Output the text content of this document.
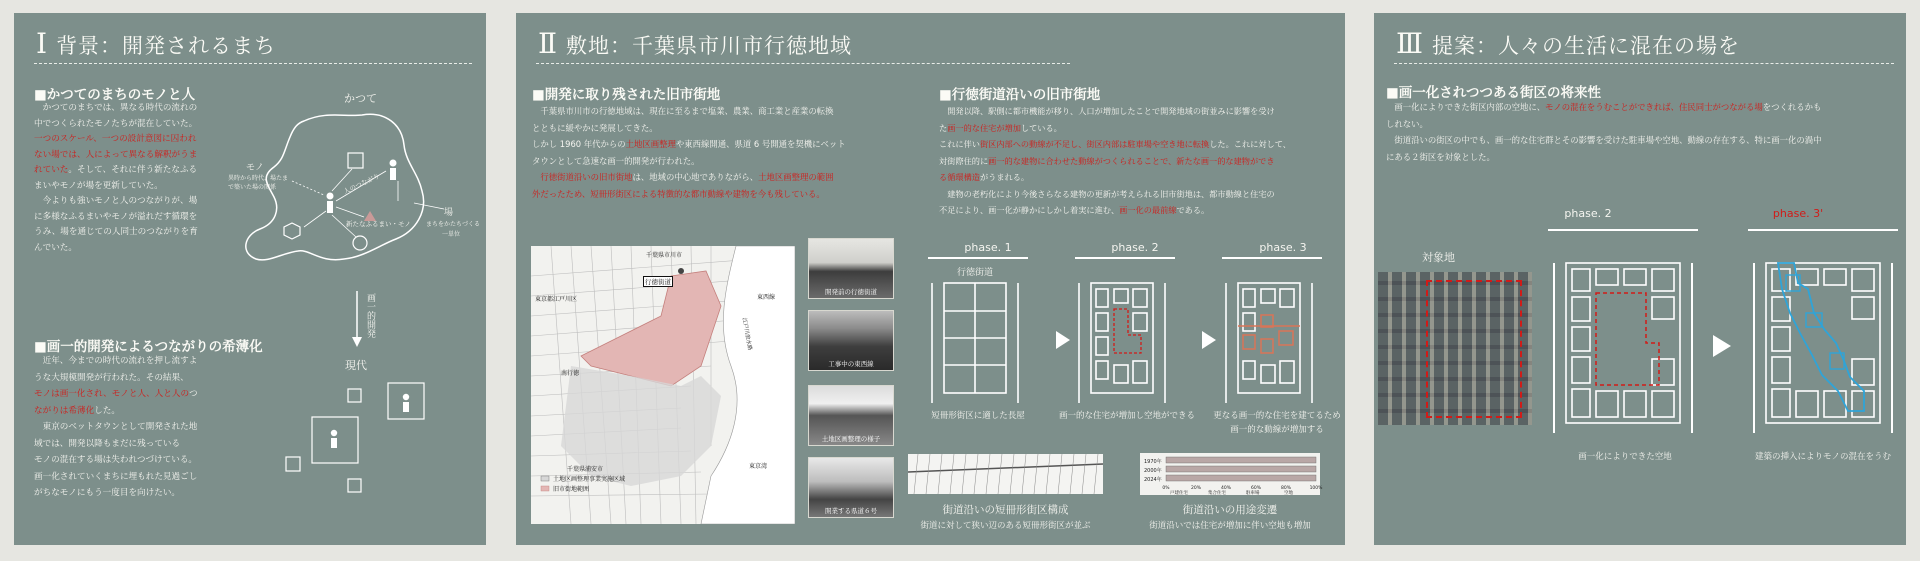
Ⅰ 背景：開発されるまち
■かつてのまちのモノと人
　かつてのまちでは、異なる時代の流れの
中でつくられたモノたちが混在していた。
一つのスケール、一つの設計意図に囚われ
ない場では、人によって異なる解釈がうま
れていた。そして、それに伴う新たなふる
まいやモノが場を更新していた。
　今よりも強いモノと人のつながりが、場
に多様なふるまいやモノが溢れだす循環を
うみ、場を通じての人同士のつながりを育
んでいた。
■画一的開発によるつながりの希薄化
　近年、今までの時代の流れを押し流すよ
うな大規模開発が行われた。その結果、
モノは画一化され、モノと人、人と人のつ
ながりは希薄化した。
　東京のベットタウンとして開発された地
域では、開発以降もまだに残っている
モノの混在する場は失われつづけている。
画一化されていくまちに埋もれた見過ごし
がちなモノにもう一度目を向けたい。
かつて
モノ
異時から時代、場たま
で築いた場の関係	人のつながり
新たなふるまい・モノ
場
まちをかたちづくる
一単位
画一的開発
現代
Ⅱ 敷地：千葉県市川市行徳地域
■開発に取り残された旧市街地
　千葉県市川市の行徳地域は、現在に至るまで塩業、農業、商工業と産業の転換
とともに緩やかに発展してきた。
しかし 1960 年代からの土地区画整理や東西線開通、県道 6 号開通を契機にベット
タウンとして急速な画一的開発が行われた。
　行徳街道沿いの旧市街地は、地域の中心地でありながら、土地区画整理の範囲
外だったため、短冊形街区による特徴的な都市動線や建物を今も残している。
■行徳街道沿いの旧市街地
　開発以降、駅側に都市機能が移り、人口が増加したことで開発地域の街並みに影響を受け
た画一的な住宅が増加している。
これに伴い街区内部への動線が不足し、街区内部は駐車場や空き地に転換した。これに対して、
対街際住的に画一的な建物に合わせた動線がつくられることで、新たな画一的な建物ができ
る循環構造がうまれる。
　建物の老朽化により今後さらなる建物の更新が考えられる旧市街地は、都市動線と住宅の
不足により、画一化が静かにしかし着実に進む、画一化の最前線である。
千葉県市川市
行徳街道
東京都江戸川区	東西線
江戸川放水路
南行徳
東京湾
千葉県浦安市
土地区画整理事業実施区域
旧市街地範囲
開発前の行徳街道
工事中の東西線
土地区画整理の様子
開業する県道６号
phase. 1	phase. 2	phase. 3
行徳街道
短冊形街区に適した長屋	画一的な住宅が増加し空地ができる	更なる画一的な住宅を建てるため
画一的な動線が増加する
街道沿いの短冊形街区構成
街道に対して狭い辺のある短冊形街区が並ぶ
1970年
2000年
2024年
0%	20%	40%	60%	80%	100%
戸建住宅	集合住宅	駐車場	空地
街道沿いの用途変遷
街道沿いでは住宅が増加に伴い空地も増加
Ⅲ 提案：人々の生活に混在の場を
■画一化されつつある街区の将来性
　画一化によりできた街区内部の空地に、モノの混在をうむことができれば、住民同士がつながる場をつくれるかも
しれない。
　街道沿いの街区の中でも、画一的な住宅群とその影響を受けた駐車場や空地、動線の存在する、特に画一化の渦中
にある２街区を対象とした。
対象地
phase. 2	phase. 3'
画一化によりできた空地	建築の挿入によりモノの混在をうむ
